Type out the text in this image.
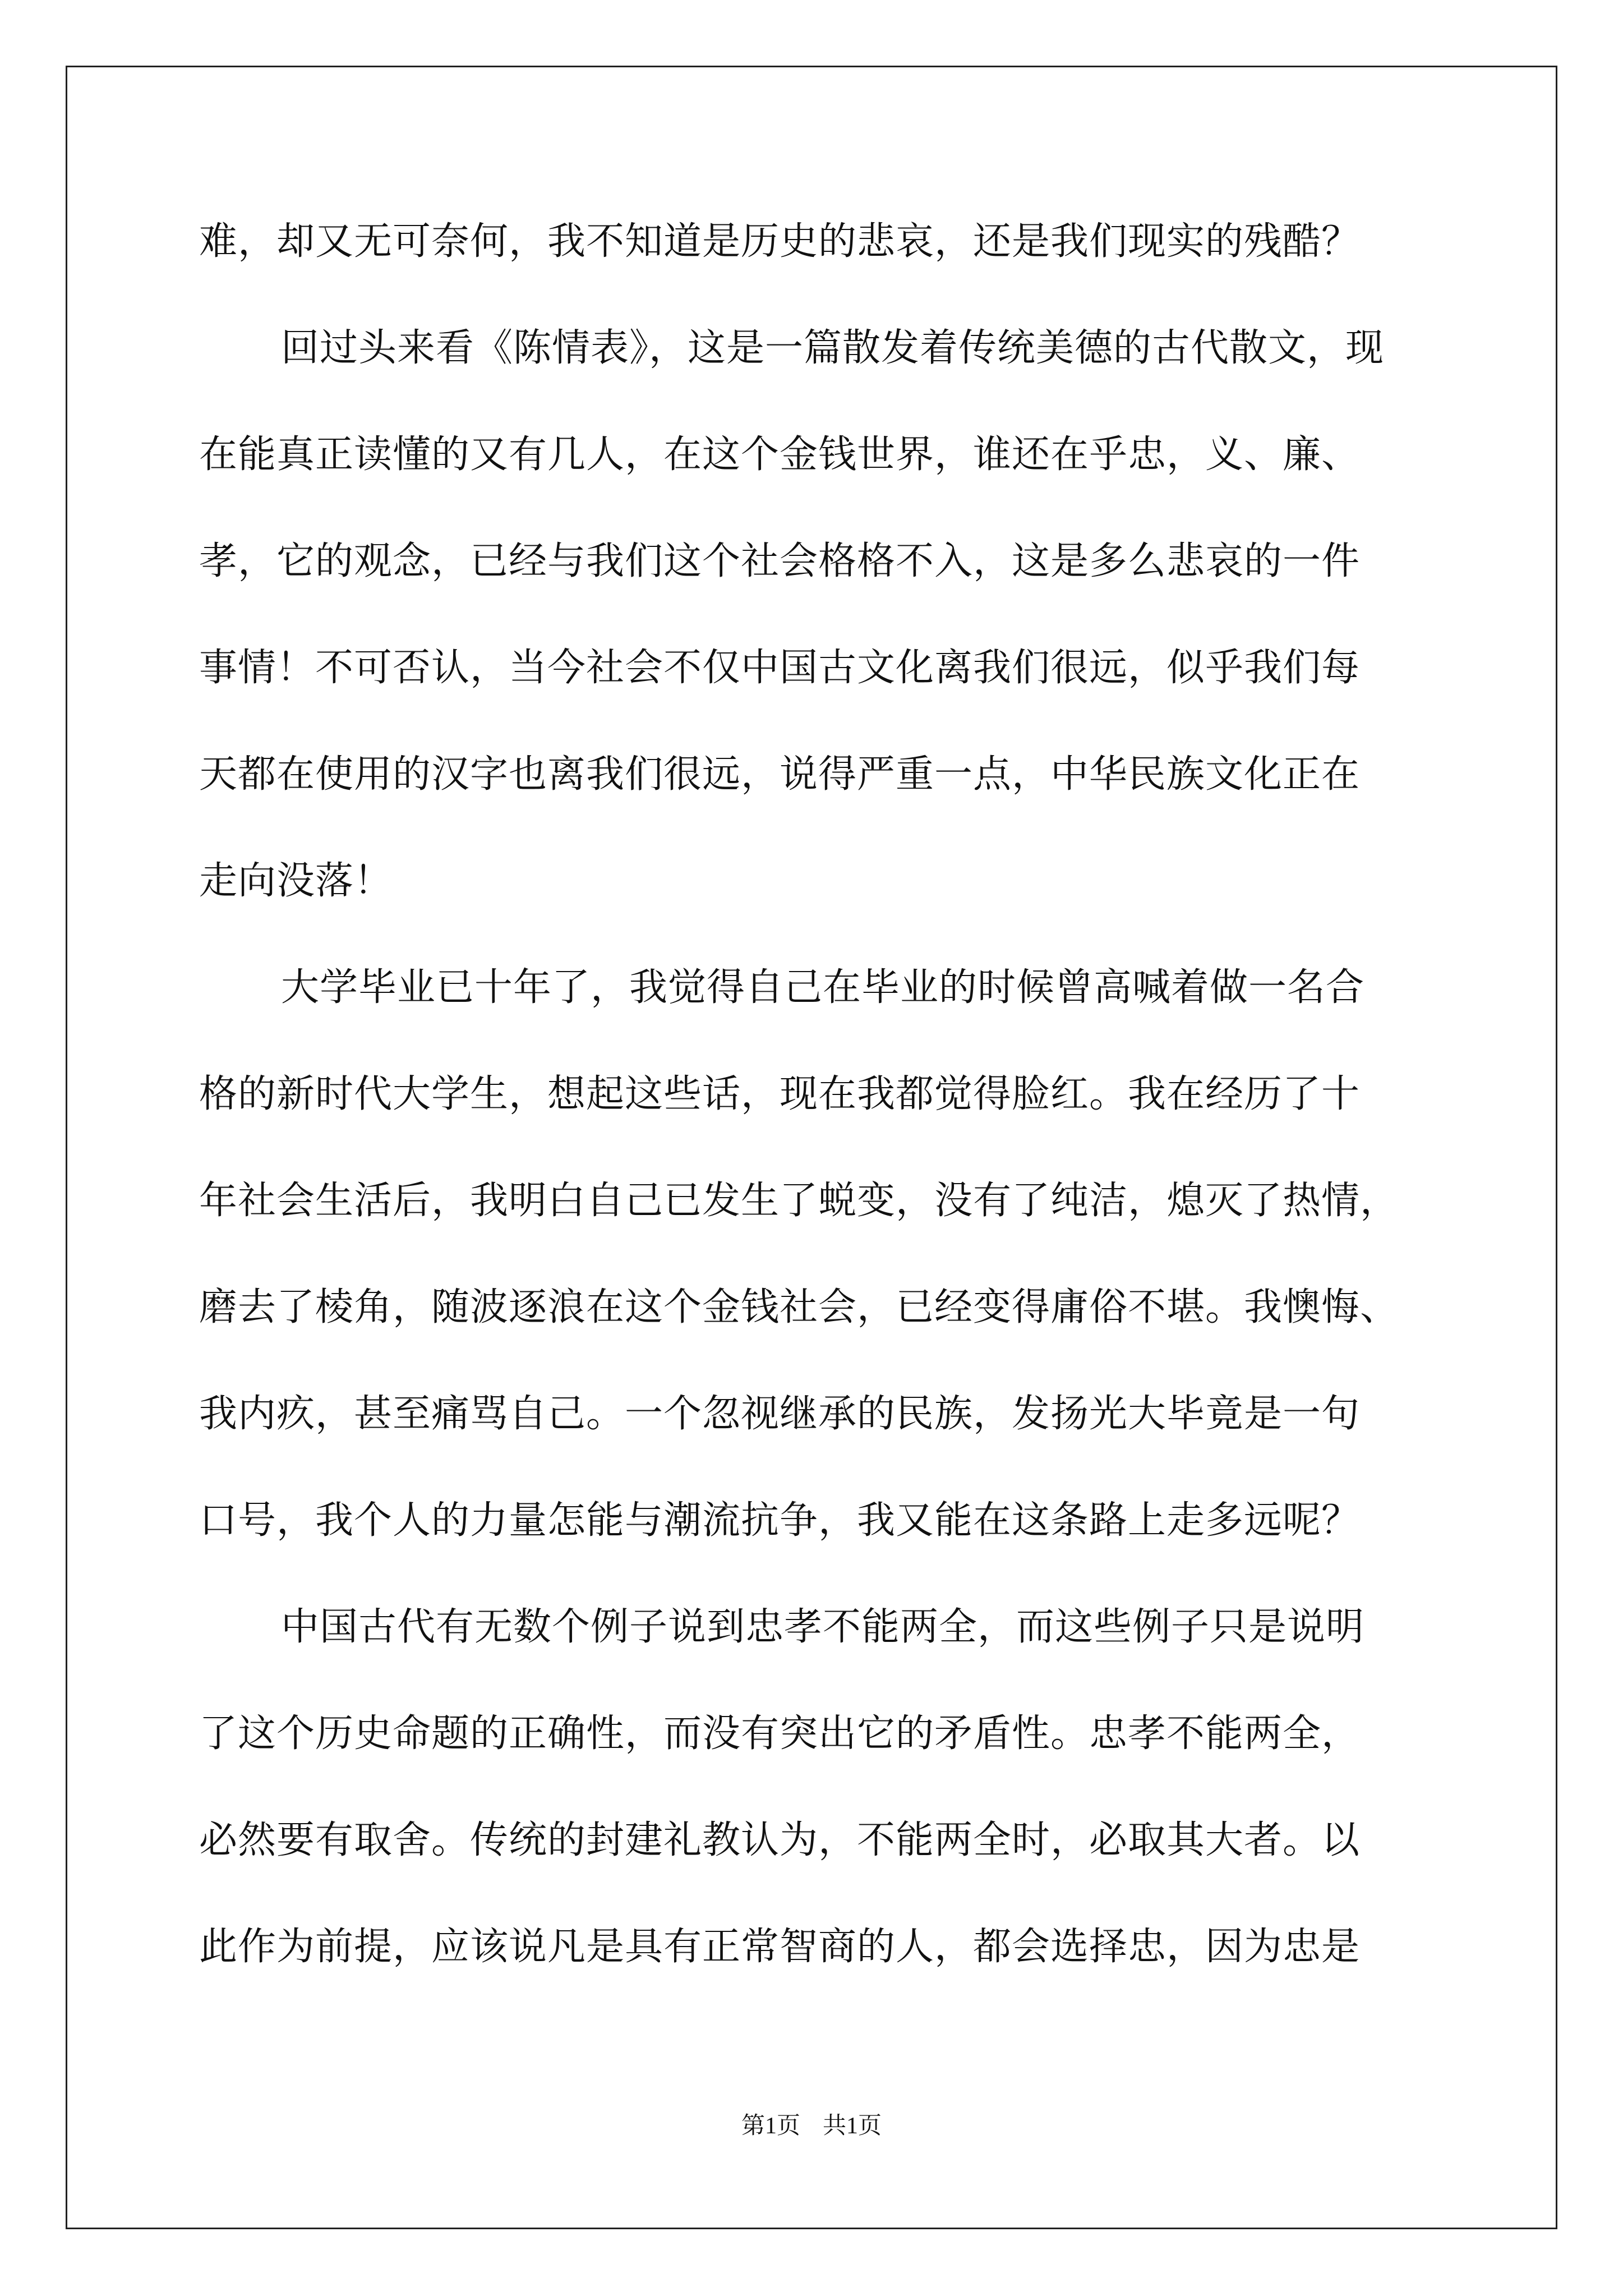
难，却又无可奈何，我不知道是历史的悲哀，还是我们现实的残酷？
回过头来看《陈情表》，这是一篇散发着传统美德的古代散文，现
在能真正读懂的又有几人，在这个金钱世界，谁还在乎忠，义、廉、
孝，它的观念，已经与我们这个社会格格不入，这是多么悲哀的一件
事情！不可否认，当今社会不仅中国古文化离我们很远，似乎我们每
天都在使用的汉字也离我们很远，说得严重一点，中华民族文化正在
走向没落！
大学毕业已十年了，我觉得自己在毕业的时候曾高喊着做一名合
格的新时代大学生，想起这些话，现在我都觉得脸红。我在经历了十
年社会生活后，我明白自己已发生了蜕变，没有了纯洁，熄灭了热情，
磨去了棱角，随波逐浪在这个金钱社会，已经变得庸俗不堪。我懊悔、
我内疚，甚至痛骂自己。一个忽视继承的民族，发扬光大毕竟是一句
口号，我个人的力量怎能与潮流抗争，我又能在这条路上走多远呢？
中国古代有无数个例子说到忠孝不能两全，而这些例子只是说明
了这个历史命题的正确性，而没有突出它的矛盾性。忠孝不能两全，
必然要有取舍。传统的封建礼教认为，不能两全时，必取其大者。以
此作为前提，应该说凡是具有正常智商的人，都会选择忠，因为忠是
第1页 共1页
